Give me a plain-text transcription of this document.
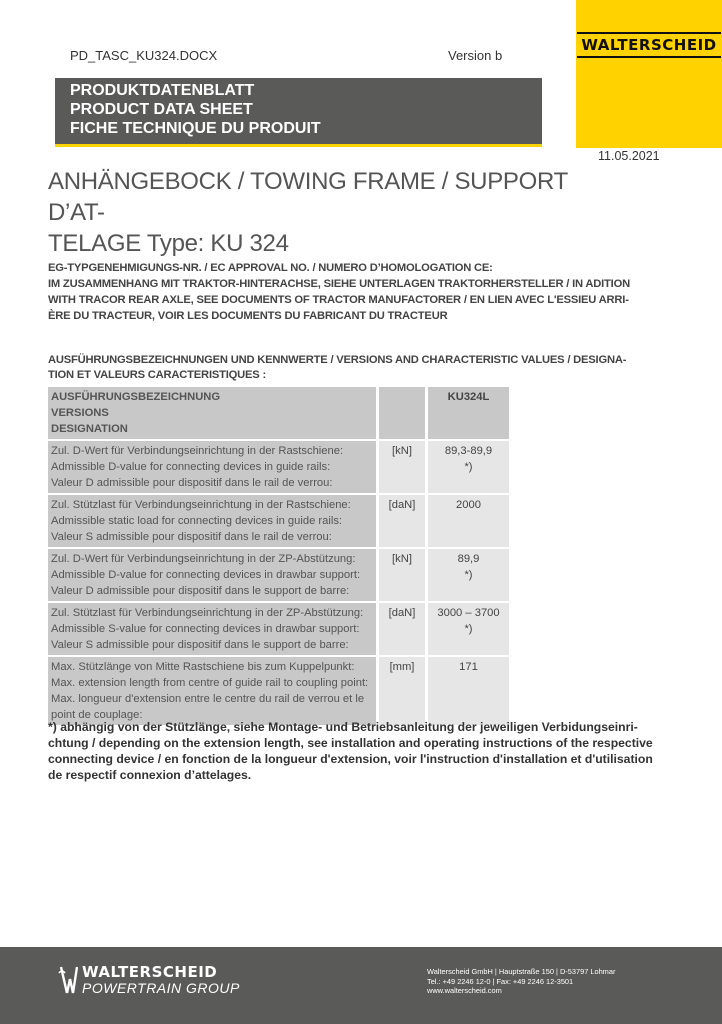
PD_TASC_KU324.DOCX	Version b
WALTERSCHEID
PRODUKTDATENBLATT
PRODUCT DATA SHEET
FICHE TECHNIQUE DU PRODUIT
11.05.2021
ANHÄNGEBOCK / TOWING FRAME / SUPPORT D’AT-
TELAGE Type: KU 324
EG-TYPGENEHMIGUNGS-NR. / EC APPROVAL NO. / NUMERO D’HOMOLOGATION CE:
IM ZUSAMMENHANG MIT TRAKTOR-HINTERACHSE, SIEHE UNTERLAGEN TRAKTORHERSTELLER / IN ADITION
WITH TRACOR REAR AXLE, SEE DOCUMENTS OF TRACTOR MANUFACTORER / EN LIEN AVEC L'ESSIEU ARRI-
ÈRE DU TRACTEUR, VOIR LES DOCUMENTS DU FABRICANT DU TRACTEUR
AUSFÜHRUNGSBEZEICHNUNGEN UND KENNWERTE / VERSIONS AND CHARACTERISTIC VALUES / DESIGNA-
TION ET VALEURS CARACTERISTIQUES :
AUSFÜHRUNGSBEZEICHNUNG
VERSIONS
DESIGNATION		KU324L

Zul. D-Wert für Verbindungseinrichtung in der Rastschiene:
Admissible D-value for connecting devices in guide rails:
Valeur D admissible pour dispositif dans le rail de verrou:	[kN]	89,3-89,9
*)

Zul. Stützlast für Verbindungseinrichtung in der Rastschiene:
Admissible static load for connecting devices in guide rails:
Valeur S admissible pour dispositif dans le rail de verrou:	[daN]	2000

Zul. D-Wert für Verbindungseinrichtung in der ZP-Abstützung:
Admissible D-value for connecting devices in drawbar support:
Valeur D admissible pour dispositif dans le support de barre:	[kN]	89,9
*)

Zul. Stützlast für Verbindungseinrichtung in der ZP-Abstützung:
Admissible S-value for connecting devices in drawbar support:
Valeur S admissible pour dispositif dans le support de barre:	[daN]	3000 – 3700
*)

Max. Stützlänge von Mitte Rastschiene bis zum Kuppelpunkt:
Max. extension length from centre of guide rail to coupling point:
Max. longueur d'extension entre le centre du rail de verrou et le
point de couplage:	[mm]	171
*) abhängig von der Stützlänge, siehe Montage- und Betriebsanleitung der jeweiligen Verbidungseinri-
chtung / depending on the extension length, see installation and operating instructions of the respective
connecting device / en fonction de la longueur d'extension, voir l'instruction d'installation et d'utilisation
de respectif connexion d’attelages.
WALTERSCHEID
POWERTRAIN GROUP
Walterscheid GmbH | Hauptstraße 150 | D-53797 Lohmar
Tel.: +49 2246 12-0 | Fax: +49 2246 12-3501
www.walterscheid.com
